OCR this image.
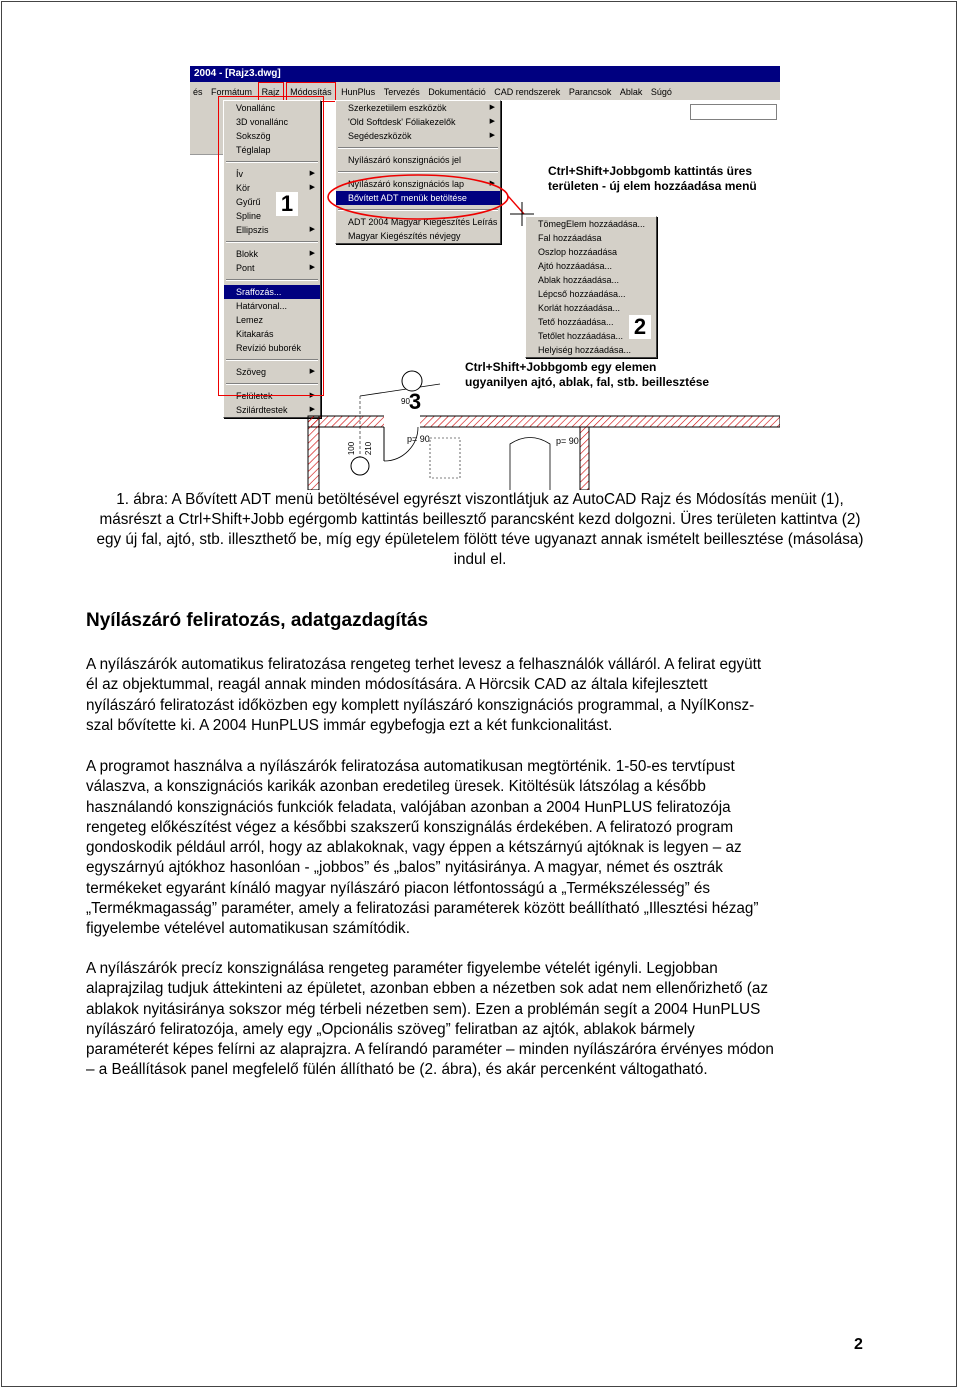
2004 - [Rajz3.dwg]
és Formátum Rajz Módosítás HunPlus Tervezés Dokumentáció CAD rendszerek Parancsok Ablak Súgó
Vonallánc
3D vonallánc
Sokszög
Téglalap
Ív	▶
Kör	▶
Gyűrű
Spline
Ellipszis	▶
Blokk	▶
Pont	▶
Sraffozás...
Határvonal...
Lemez
Kitakarás
Revízió buborék
Szöveg	▶
Felületek	▶
Szilárdtestek	▶
1
Szerkezetiilem eszközök	▶
'Old Softdesk' Fóliakezelők	▶
Segédeszközök	▶
Nyílászáró konszignációs jel
Nyílászáró konszignációs lap	▶
Bővített ADT menük betöltése
ADT 2004 Magyar Kiegészítés Leírás
Magyar Kiegészítés névjegy
TömegElem hozzáadása...
Fal hozzáadása
Oszlop hozzáadása
Ajtó hozzáadása...
Ablak hozzáadása...
Lépcső hozzáadása...
Korlát hozzáadása...
Tető hozzáadása...
Tetőlet hozzáadása...
Helyiség hozzáadása...
2
Ctrl+Shift+Jobbgomb kattintás üres
területen - új elem hozzáadása menü
Ctrl+Shift+Jobbgomb egy elemen
ugyanilyen ajtó, ablak, fal, stb. beillesztése
p= 90	p= 90
100 210
90
3
1. ábra: A Bővített ADT menü betöltésével egyrészt viszontlátjuk az AutoCAD Rajz és Módosítás menüit (1),
másrészt a Ctrl+Shift+Jobb egérgomb kattintás beillesztő parancsként kezd dolgozni. Üres területen kattintva (2)
egy új fal, ajtó, stb. illeszthető be, míg egy épületelem fölött téve ugyanazt annak ismételt beillesztése (másolása)
indul el.
Nyílászáró feliratozás, adatgazdagítás
A nyílászárók automatikus feliratozása rengeteg terhet levesz a felhasználók válláról. A felirat együtt
él az objektummal, reagál annak minden módosítására. A Hörcsik CAD az általa kifejlesztett
nyílászáró feliratozást időközben egy komplett nyílászáró konszignációs programmal, a NyílKonsz-
szal bővítette ki. A 2004 HunPLUS immár egybefogja ezt a két funkcionalitást.
A programot használva a nyílászárók feliratozása automatikusan megtörténik. 1-50-es tervtípust
válaszva, a konszignációs karikák azonban eredetileg üresek. Kitöltésük látszólag a később
használandó konszignációs funkciók feladata, valójában azonban a 2004 HunPLUS feliratozója
rengeteg előkészítést végez a későbbi szakszerű konszignálás érdekében. A feliratozó program
gondoskodik például arról, hogy az ablakoknak, vagy éppen a kétszárnyú ajtóknak is legyen – az
egyszárnyú ajtókhoz hasonlóan - „jobbos” és „balos” nyitásiránya. A magyar, német és osztrák
termékeket egyaránt kínáló magyar nyílászáró piacon létfontosságú a „Termékszélesség” és
„Termékmagasság” paraméter, amely a feliratozási paraméterek között beállítható „Illesztési hézag”
figyelembe vételével automatikusan számítódik.
A nyílászárók precíz konszignálása rengeteg paraméter figyelembe vételét igényli. Legjobban
alaprajzilag tudjuk áttekinteni az épületet, azonban ebben a nézetben sok adat nem ellenőrizhető (az
ablakok nyitásiránya sokszor még térbeli nézetben sem). Ezen a problémán segít a 2004 HunPLUS
nyílászáró feliratozója, amely egy „Opcionális szöveg” feliratban az ajtók, ablakok bármely
paraméterét képes felírni az alaprajzra. A felírandó paraméter – minden nyílászáróra érvényes módon
– a Beállítások panel megfelelő fülén állítható be (2. ábra), és akár percenként váltogatható.
2
